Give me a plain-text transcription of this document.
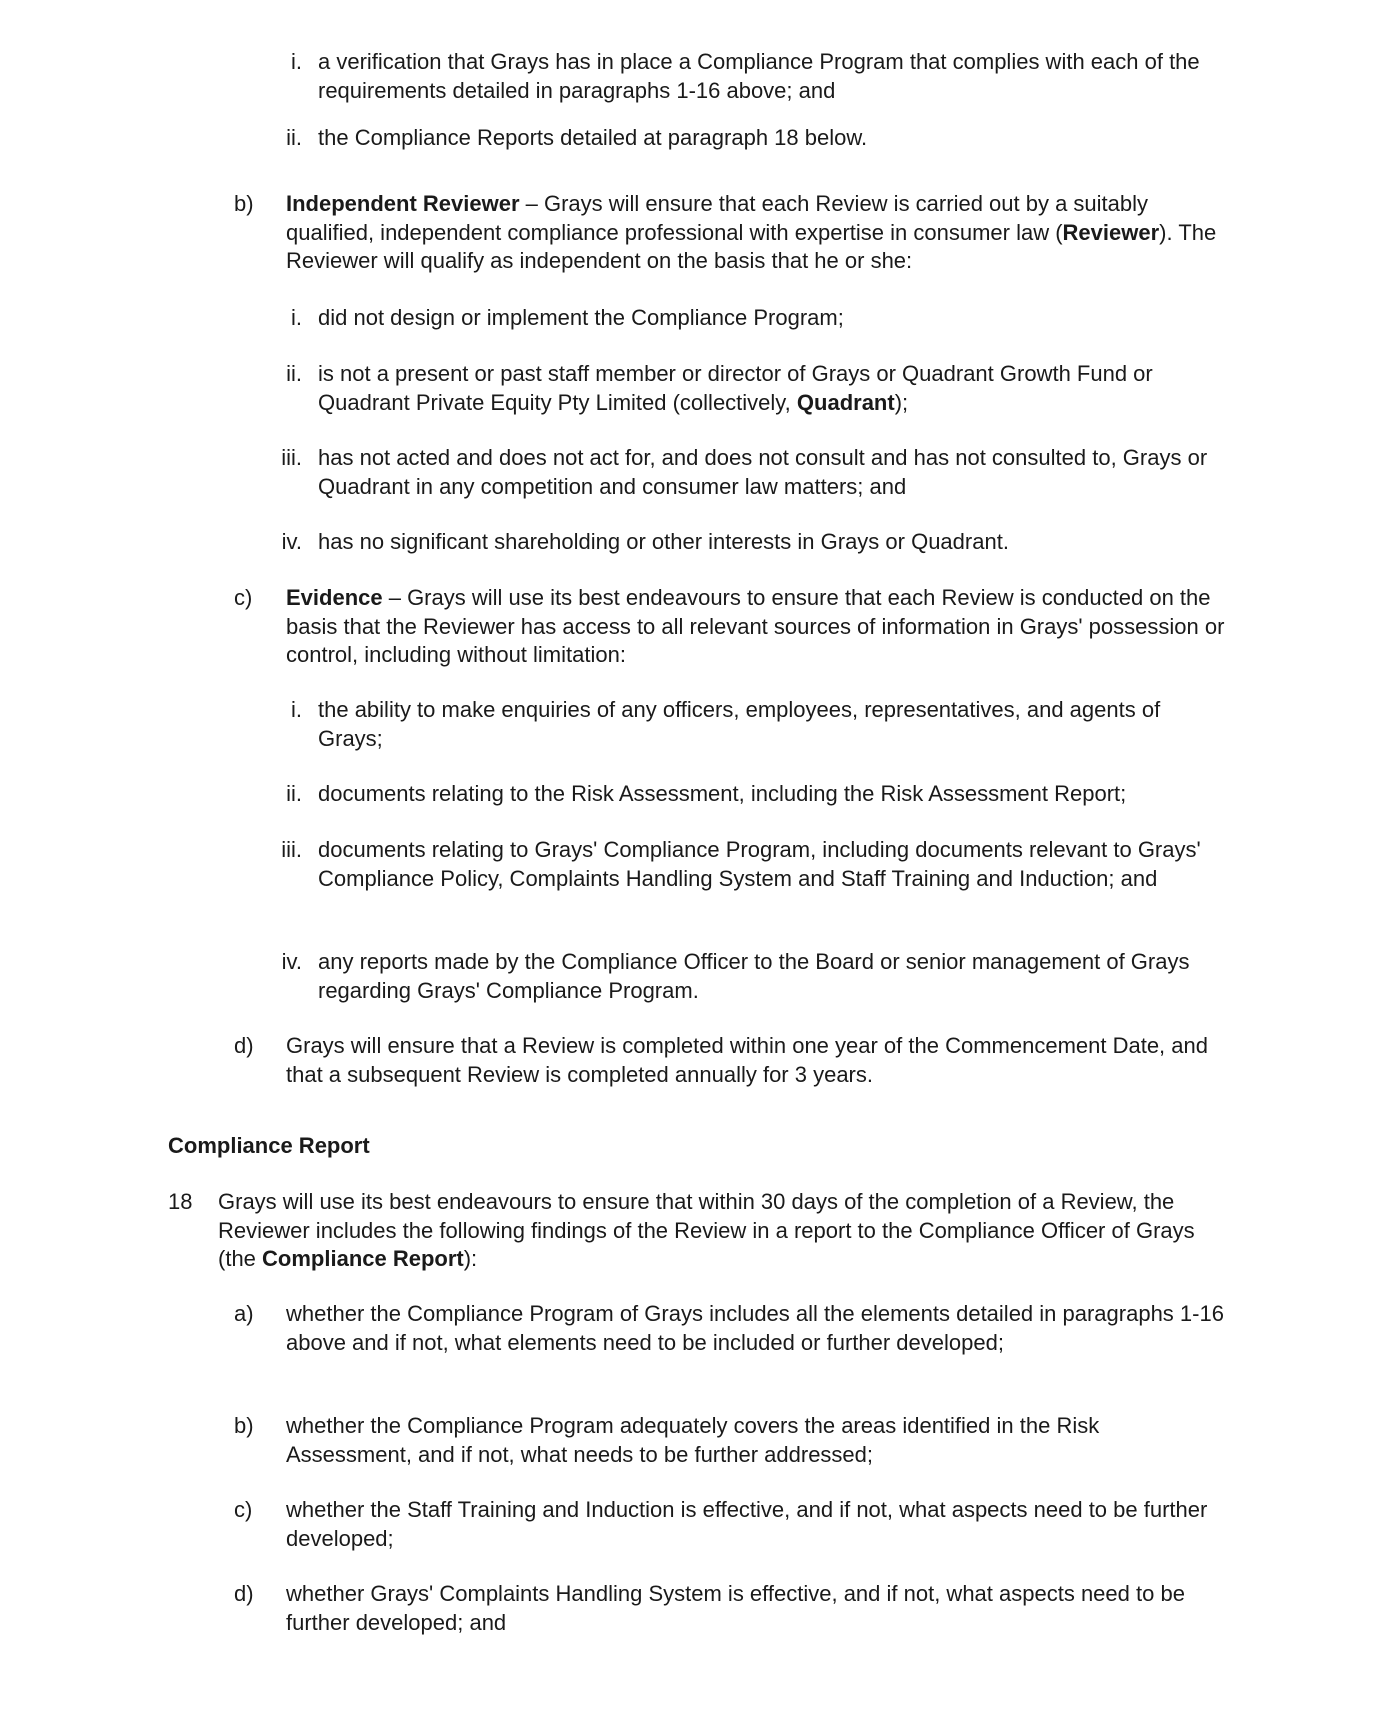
i. a verification that Grays has in place a Compliance Program that complies with each of the requirements detailed in paragraphs 1-16 above; and
ii. the Compliance Reports detailed at paragraph 18 below.
b)	Independent Reviewer – Grays will ensure that each Review is carried out by a suitably qualified, independent compliance professional with expertise in consumer law (Reviewer). The Reviewer will qualify as independent on the basis that he or she:
i. did not design or implement the Compliance Program;
ii. is not a present or past staff member or director of Grays or Quadrant Growth Fund or Quadrant Private Equity Pty Limited (collectively, Quadrant);
iii. has not acted and does not act for, and does not consult and has not consulted to, Grays or Quadrant in any competition and consumer law matters; and
iv. has no significant shareholding or other interests in Grays or Quadrant.
c)	Evidence – Grays will use its best endeavours to ensure that each Review is conducted on the basis that the Reviewer has access to all relevant sources of information in Grays' possession or control, including without limitation:
i. the ability to make enquiries of any officers, employees, representatives, and agents of Grays;
ii. documents relating to the Risk Assessment, including the Risk Assessment Report;
iii. documents relating to Grays' Compliance Program, including documents relevant to Grays' Compliance Policy, Complaints Handling System and Staff Training and Induction; and
iv. any reports made by the Compliance Officer to the Board or senior management of Grays regarding Grays' Compliance Program.
d)	Grays will ensure that a Review is completed within one year of the Commencement Date, and that a subsequent Review is completed annually for 3 years.
Compliance Report
18	Grays will use its best endeavours to ensure that within 30 days of the completion of a Review, the Reviewer includes the following findings of the Review in a report to the Compliance Officer of Grays (the Compliance Report):
a)	whether the Compliance Program of Grays includes all the elements detailed in paragraphs 1-16 above and if not, what elements need to be included or further developed;
b)	whether the Compliance Program adequately covers the areas identified in the Risk Assessment, and if not, what needs to be further addressed;
c)	whether the Staff Training and Induction is effective, and if not, what aspects need to be further developed;
d)	whether Grays' Complaints Handling System is effective, and if not, what aspects need to be further developed; and
